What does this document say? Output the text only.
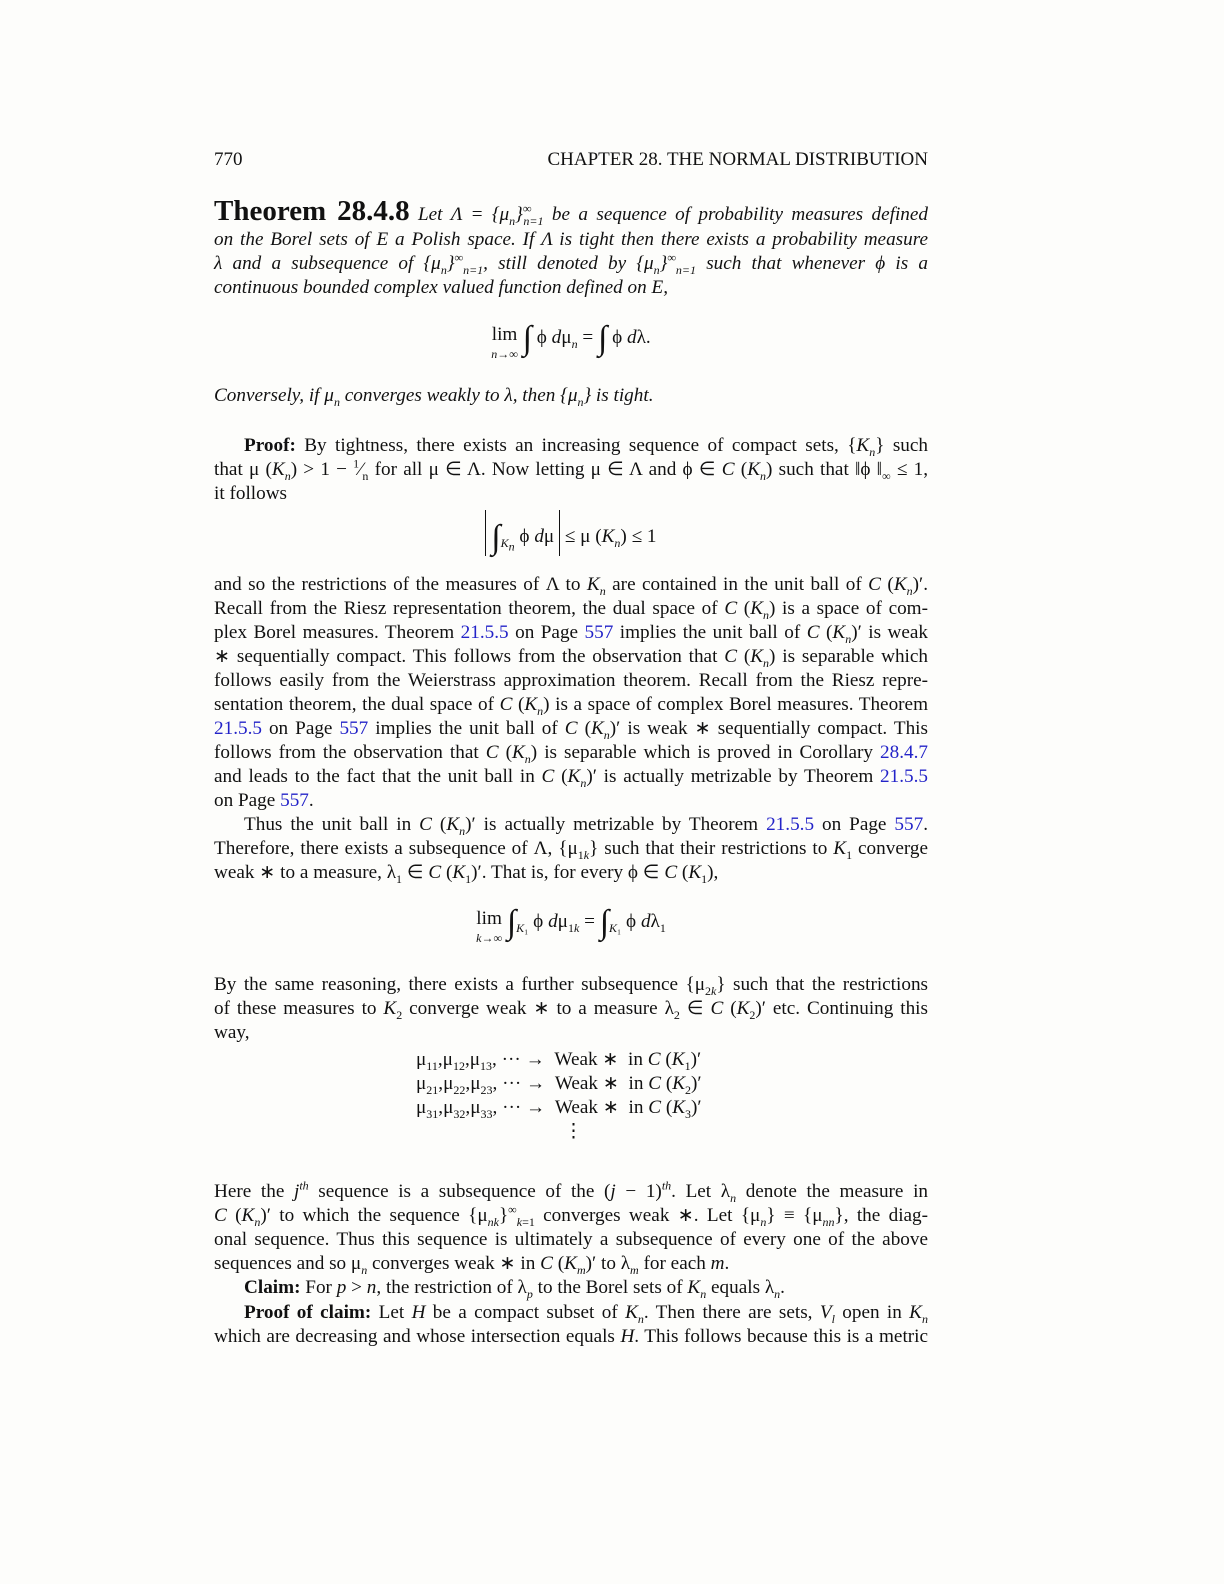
770	CHAPTER 28. THE NORMAL DISTRIBUTION
Theorem 28.4.8 Let $\Lambda = \{\mu_n\}^\infty_{n=1}$ be a sequence of probability measures defined
on the Borel sets of E a Polish space. If Λ is tight then there exists a probability measure
λ and a subsequence of $\{\mu_n\}^\infty_{n=1}$, still denoted by $\{\mu_n\}^\infty_{n=1}$ such that whenever ϕ is a
continuous bounded complex valued function defined on E,
lim
n→∞ ∫ ϕ $d\mu_n$ = ∫ ϕ dλ.
Conversely, if $\mu_n$ converges weakly to λ, then $\{\mu_n\}$ is tight.
Proof: By tightness, there exists an increasing sequence of compact sets, $\{K_n\}$ such
that μ $(K_n) > 1$ − $^1⁄_n$ for all μ ∈ Λ. Now letting μ ∈ Λ and ϕ ∈ C $(K_n)$ such that ‖ϕ $‖_\infty \le 1$,
it follows
$\int_{K_n}$ ϕ dμ  ≤ μ $(K_n) \le 1$
and so the restrictions of the measures of Λ to $K_n$ are contained in the unit ball of C $(K_n)'$.
Recall from the Riesz representation theorem, the dual space of C $(K_n)$ is a space of com-
plex Borel measures. Theorem 21.5.5 on Page 557 implies the unit ball of C $(K_n)'$ is weak
∗ sequentially compact. This follows from the observation that C $(K_n)$ is separable which
follows easily from the Weierstrass approximation theorem. Recall from the Riesz repre-
sentation theorem, the dual space of C $(K_n)$ is a space of complex Borel measures. Theorem
21.5.5 on Page 557 implies the unit ball of C $(K_n)'$ is weak ∗ sequentially compact. This
follows from the observation that C $(K_n)$ is separable which is proved in Corollary 28.4.7
and leads to the fact that the unit ball in C $(K_n)'$ is actually metrizable by Theorem 21.5.5
on Page 557.
Thus the unit ball in C $(K_n)'$ is actually metrizable by Theorem 21.5.5 on Page 557.
Therefore, there exists a subsequence of Λ, $\{\mu_{1k}\}$ such that their restrictions to $K_1$ converge
weak ∗ to a measure, $\lambda_1$ ∈ C $(K_1)'$. That is, for every ϕ ∈ C $(K_1)$,
lim
k→∞ $\int_{K_1}$ ϕ $d\mu_{1k} = \int_{K_1}$ ϕ $d\lambda_1$
By the same reasoning, there exists a further subsequence $\{\mu_{2k}\}$ such that the restrictions
of these measures to $K_2$ converge weak ∗ to a measure $\lambda_2$ ∈ C $(K_2)'$ etc. Continuing this
way,
$\mu_{11},\mu_{12},\mu_{13}$, ··· →  Weak ∗  in C $(K_1)'$
$\mu_{21},\mu_{22},\mu_{23}$, ··· →  Weak ∗  in C $(K_2)'$
$\mu_{31},\mu_{32},\mu_{33}$, ··· →  Weak ∗  in C $(K_3)'$
⋮
Here the $j^{th}$ sequence is a subsequence of the $(j - 1)^{th}$. Let $\lambda_n$ denote the measure in
C $(K_n)'$ to which the sequence $\{\mu_{nk}\}^\infty_{k=1}$ converges weak ∗. Let $\{\mu_n\} \equiv \{\mu_{nn}\}$, the diag-
onal sequence. Thus this sequence is ultimately a subsequence of every one of the above
sequences and so $\mu_n$ converges weak ∗ in C $(K_m)'$ to $\lambda_m$ for each m.
Claim: For p > n, the restriction of $\lambda_p$ to the Borel sets of $K_n$ equals $\lambda_n$.
Proof of claim: Let H be a compact subset of $K_n$. Then there are sets, $V_l$ open in $K_n$
which are decreasing and whose intersection equals H. This follows because this is a metric
